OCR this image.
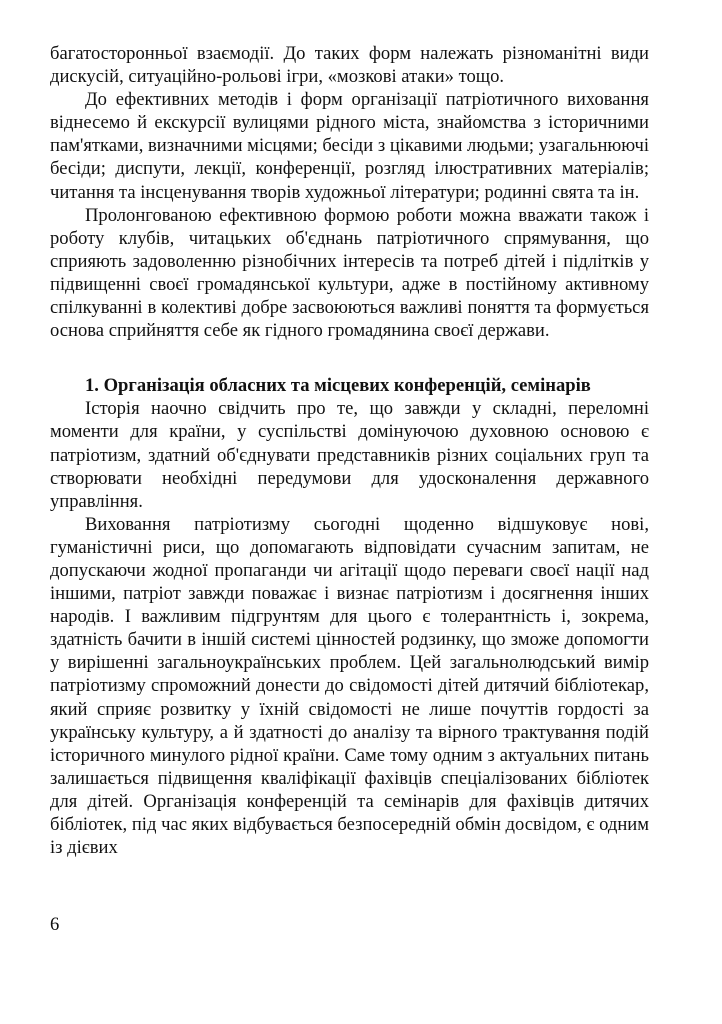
багатосторонньої взаємодії. До таких форм належать різноманітні види дискусій, ситуаційно-рольові ігри, «мозкові атаки» тощо.

До ефективних методів і форм організації патріотичного виховання віднесемо й екскурсії вулицями рідного міста, знайомства з історичними пам'ятками, визначними місцями; бесіди з цікавими людьми; узагальнюючі бесіди; диспути, лекції, конференції, розгляд ілюстративних матеріалів; читання та інсценування творів художньої літератури; родинні свята та ін.

Пролонгованою ефективною формою роботи можна вважати також і роботу клубів, читацьких об'єднань патріотичного спрямування, що сприяють задоволенню різнобічних інтересів та потреб дітей і підлітків у підвищенні своєї громадянської культури, адже в постійному активному спілкуванні в колективі добре засвоюються важливі поняття та формується основа сприйняття себе як гідного громадянина своєї держави.

1. Організація обласних та місцевих конференцій, семінарів

Історія наочно свідчить про те, що завжди у складні, переломні моменти для країни, у суспільстві домінуючою духовною основою є патріотизм, здатний об'єднувати представників різних соціальних груп та створювати необхідні передумови для удосконалення державного управління.

Виховання патріотизму сьогодні щоденно відшуковує нові, гуманістичні риси, що допомагають відповідати сучасним запитам, не допускаючи жодної пропаганди чи агітації щодо переваги своєї нації над іншими, патріот завжди поважає і визнає патріотизм і досягнення інших народів. І важливим підгрунтям для цього є толерантність і, зокрема, здатність бачити в іншій системі цінностей родзинку, що зможе допомогти у вирішенні загальноукраїнських проблем. Цей загальнолюдський вимір патріотизму спроможний донести до свідомості дітей дитячий бібліотекар, який сприяє розвитку у їхній свідомості не лише почуттів гордості за українську культуру, а й здатності до аналізу та вірного трактування подій історичного минулого рідної країни. Саме тому одним з актуальних питань залишається підвищення кваліфікації фахівців спеціалізованих бібліотек для дітей. Організація конференцій та семінарів для фахівців дитячих бібліотек, під час яких відбувається безпосередній обмін досвідом, є одним із дієвих

6
